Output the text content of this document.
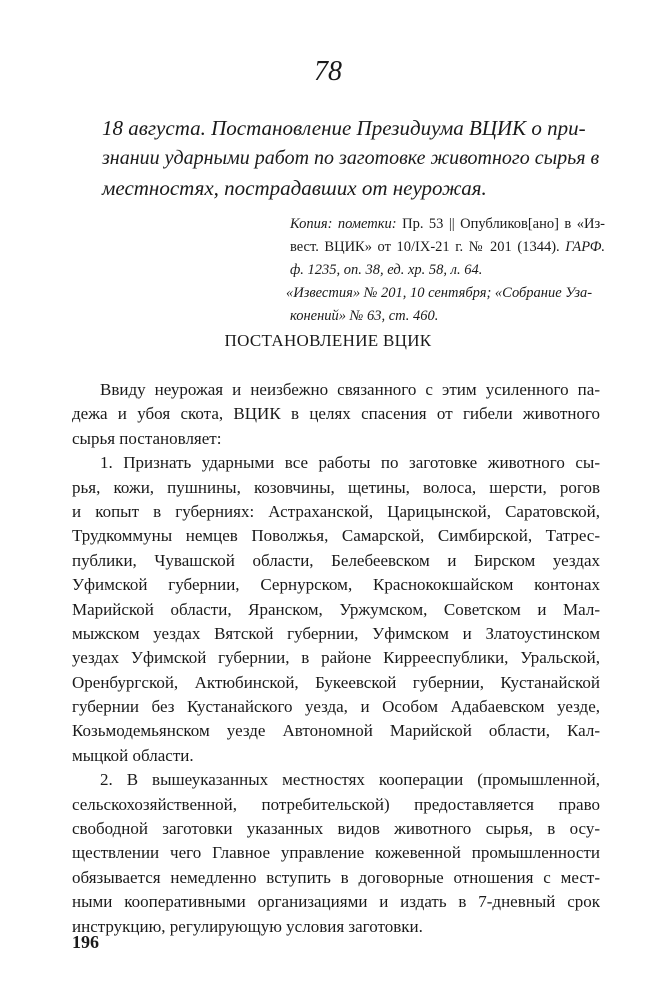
78
18 августа. Постановление Президиума ВЦИК о при-
знании ударными работ по заготовке животного сырья в
местностях, пострадавших от неурожая.
Копия: пометки: Пр. 53 || Опубликов[ано] в «Из-
вест. ВЦИК» от 10/IX-21 г. № 201 (1344). ГАРФ.
ф. 1235, оп. 38, ед. хр. 58, л. 64.
«Известия» № 201, 10 сентября; «Собрание Уза-
конений» № 63, ст. 460.
ПОСТАНОВЛЕНИЕ ВЦИК
Ввиду неурожая и неизбежно связанного с этим усиленного па-
дежа и убоя скота, ВЦИК в целях спасения от гибели животного
сырья постановляет:
1. Признать ударными все работы по заготовке животного сы-
рья, кожи, пушнины, козовчины, щетины, волоса, шерсти, рогов
и копыт в губерниях: Астраханской, Царицынской, Саратовской,
Трудкоммуны немцев Поволжья, Самарской, Симбирской, Татрес-
публики, Чувашской области, Белебеевском и Бирском уездах
Уфимской губернии, Сернурском, Краснококшайском контонах
Марийской области, Яранском, Уржумском, Советском и Мал-
мыжском уездах Вятской губернии, Уфимском и Златоустинском
уездах Уфимской губернии, в районе Киррееспублики, Уральской,
Оренбургской, Актюбинской, Букеевской губернии, Кустанайской
губернии без Кустанайского уезда, и Особом Адабаевском уезде,
Козьмодемьянском уезде Автономной Марийской области, Кал-
мыцкой области.
2. В вышеуказанных местностях кооперации (промышленной,
сельскохозяйственной, потребительской) предоставляется право
свободной заготовки указанных видов животного сырья, в осу-
ществлении чего Главное управление кожевенной промышленности
обязывается немедленно вступить в договорные отношения с мест-
ными кооперативными организациями и издать в 7-дневный срок
инструкцию, регулирующую условия заготовки.
196
